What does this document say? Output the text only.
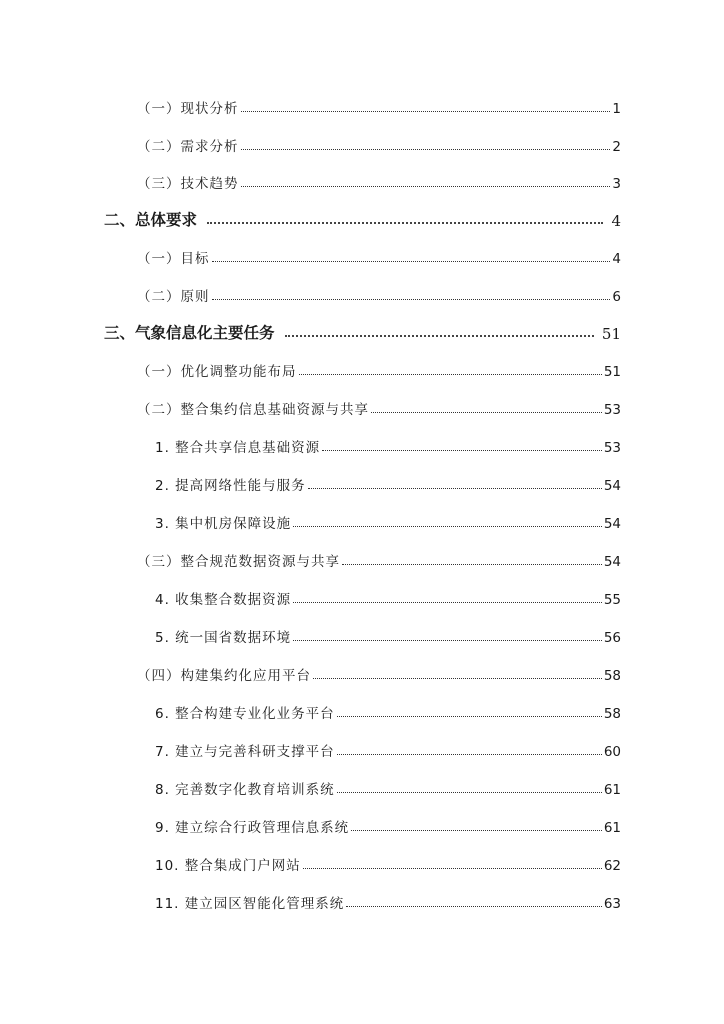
（一）现状分析	1
（二）需求分析	2
（三）技术趋势	3
二、总体要求	4
（一）目标	4
（二）原则	6
三、气象信息化主要任务	51
（一）优化调整功能布局	51
（二）整合集约信息基础资源与共享	53
1. 整合共享信息基础资源	53
2. 提高网络性能与服务	54
3. 集中机房保障设施	54
（三）整合规范数据资源与共享	54
4. 收集整合数据资源	55
5. 统一国省数据环境	56
（四）构建集约化应用平台	58
6. 整合构建专业化业务平台	58
7. 建立与完善科研支撑平台	60
8. 完善数字化教育培训系统	61
9. 建立综合行政管理信息系统	61
10. 整合集成门户网站	62
11. 建立园区智能化管理系统	63
